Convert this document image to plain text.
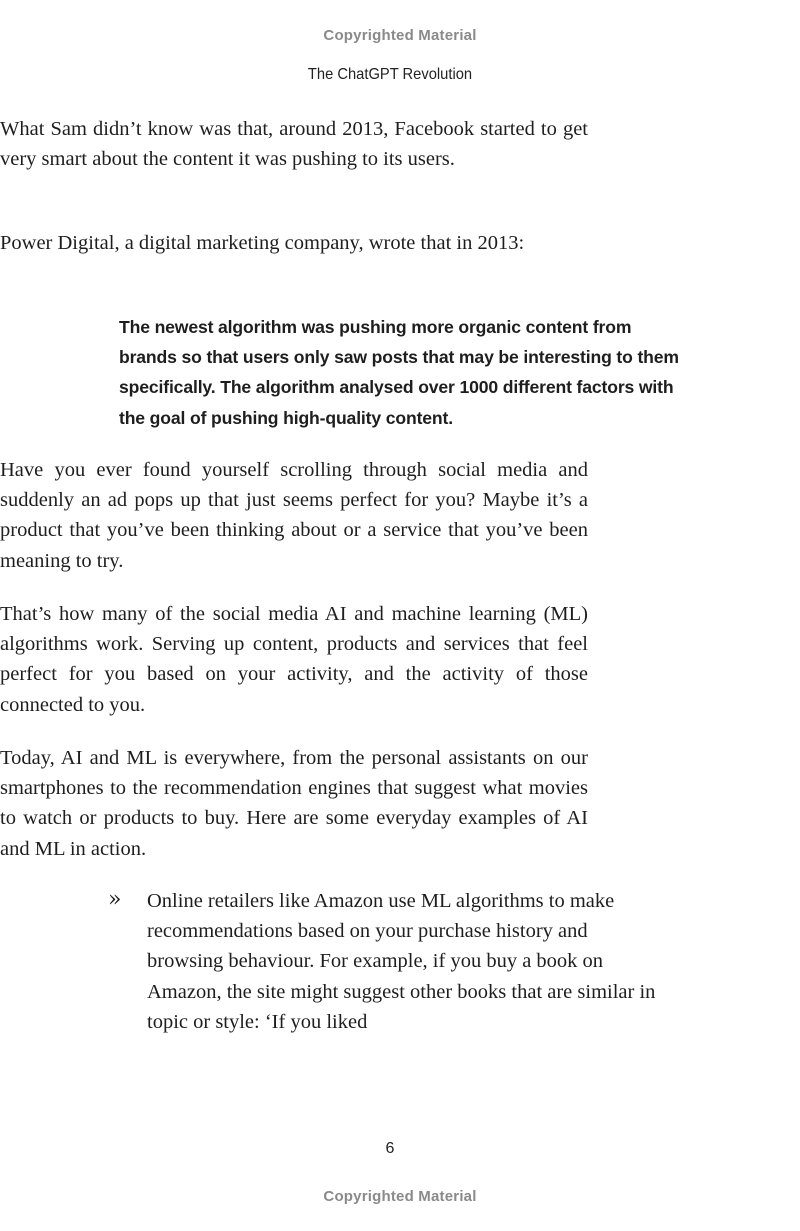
Copyrighted Material
The ChatGPT Revolution

What Sam didn’t know was that, around 2013, Facebook started to get very smart about the content it was pushing to its users.

Power Digital, a digital marketing company, wrote that in 2013:

The newest algorithm was pushing more organic content from brands so that users only saw posts that may be interesting to them specifically. The algorithm analysed over 1000 different factors with the goal of pushing high-quality content.

Have you ever found yourself scrolling through social media and suddenly an ad pops up that just seems perfect for you? Maybe it’s a product that you’ve been thinking about or a service that you’ve been meaning to try.

That’s how many of the social media AI and machine learning (ML) algorithms work. Serving up content, products and services that feel perfect for you based on your activity, and the activity of those connected to you.

Today, AI and ML is everywhere, from the personal assistants on our smartphones to the recommendation engines that suggest what movies to watch or products to buy. Here are some everyday examples of AI and ML in action.

» Online retailers like Amazon use ML algorithms to make recommendations based on your purchase history and browsing behaviour. For example, if you buy a book on Amazon, the site might suggest other books that are similar in topic or style: ‘If you liked

6
Copyrighted Material
